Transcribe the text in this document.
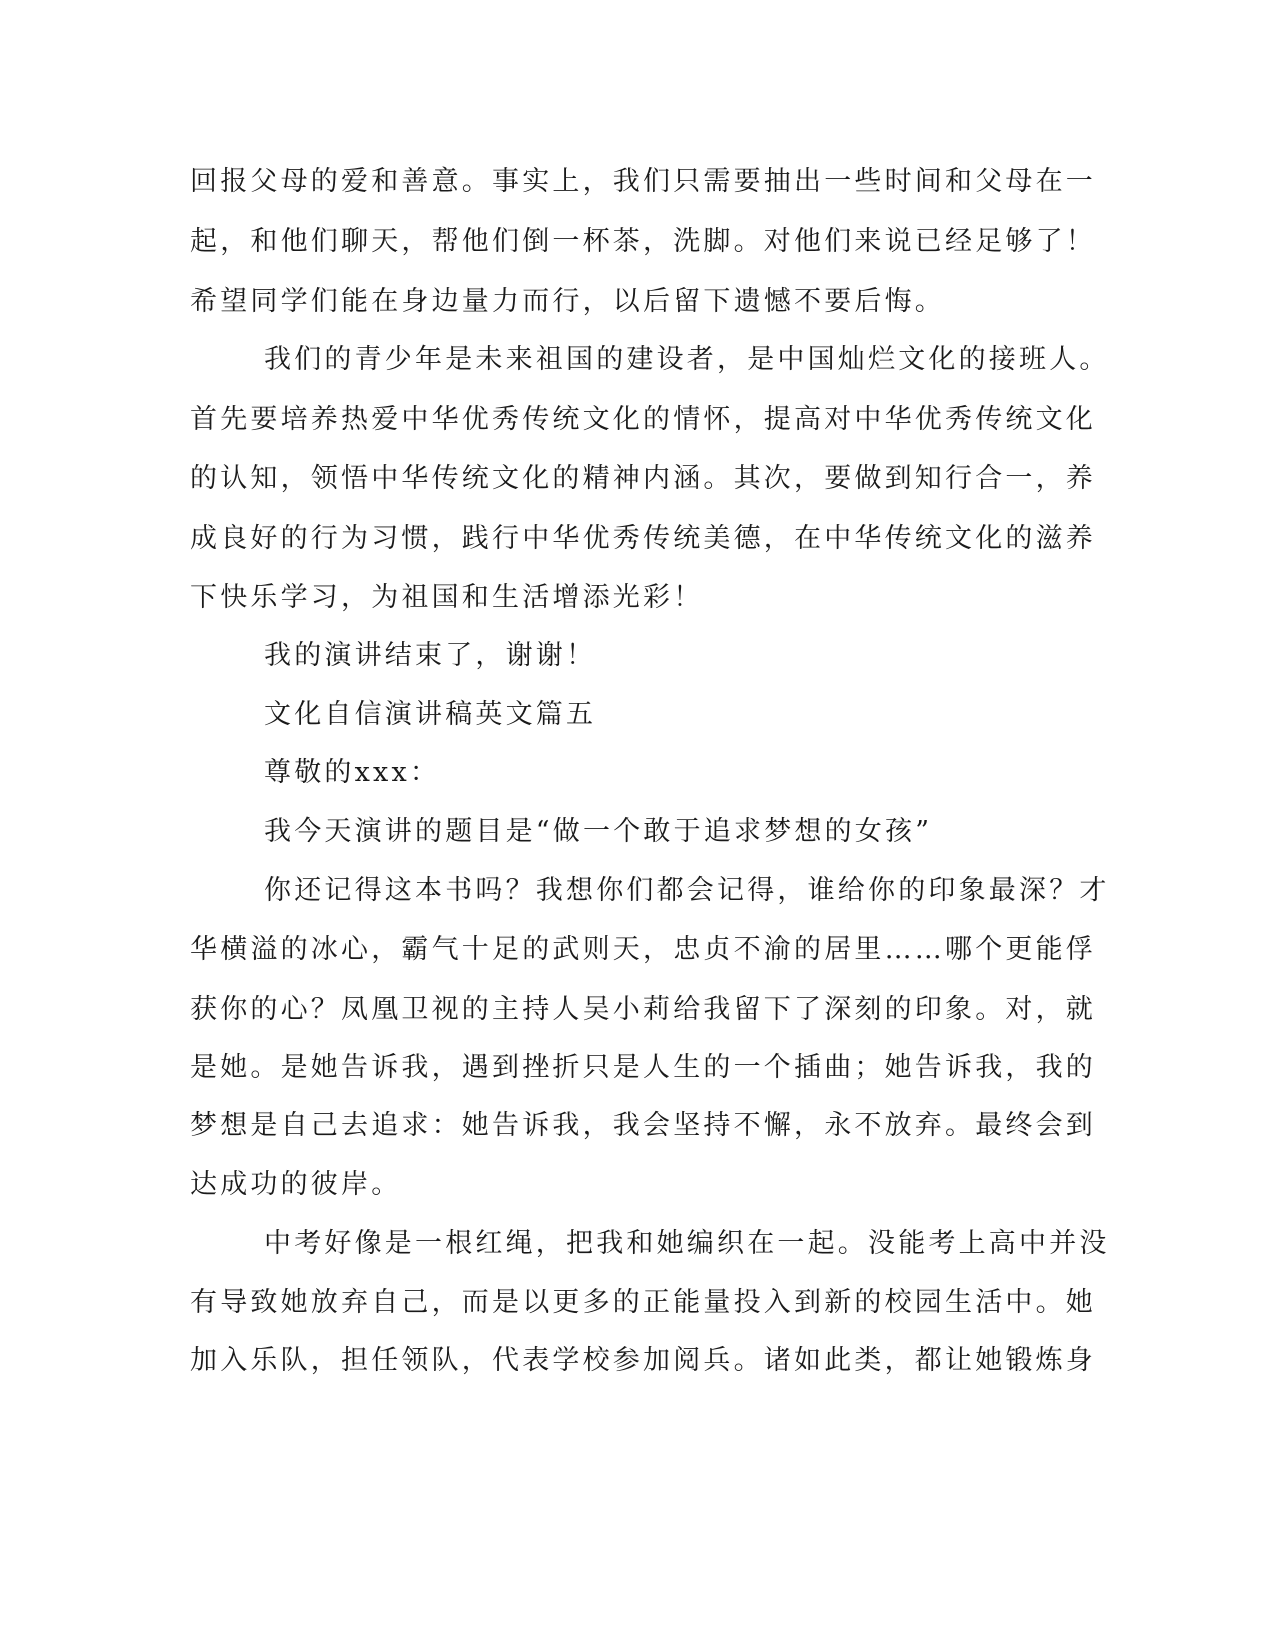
回报父母的爱和善意。事实上，我们只需要抽出一些时间和父母在一
起，和他们聊天，帮他们倒一杯茶，洗脚。对他们来说已经足够了！
希望同学们能在身边量力而行，以后留下遗憾不要后悔。
我们的青少年是未来祖国的建设者，是中国灿烂文化的接班人。
首先要培养热爱中华优秀传统文化的情怀，提高对中华优秀传统文化
的认知，领悟中华传统文化的精神内涵。其次，要做到知行合一，养
成良好的行为习惯，践行中华优秀传统美德，在中华传统文化的滋养
下快乐学习，为祖国和生活增添光彩！
我的演讲结束了，谢谢！
文化自信演讲稿英文篇五
尊敬的xxx：
我今天演讲的题目是“做一个敢于追求梦想的女孩”
你还记得这本书吗？我想你们都会记得，谁给你的印象最深？才
华横溢的冰心，霸气十足的武则天，忠贞不渝的居里……哪个更能俘
获你的心？凤凰卫视的主持人吴小莉给我留下了深刻的印象。对，就
是她。是她告诉我，遇到挫折只是人生的一个插曲；她告诉我，我的
梦想是自己去追求：她告诉我，我会坚持不懈，永不放弃。最终会到
达成功的彼岸。
中考好像是一根红绳，把我和她编织在一起。没能考上高中并没
有导致她放弃自己，而是以更多的正能量投入到新的校园生活中。她
加入乐队，担任领队，代表学校参加阅兵。诸如此类，都让她锻炼身
